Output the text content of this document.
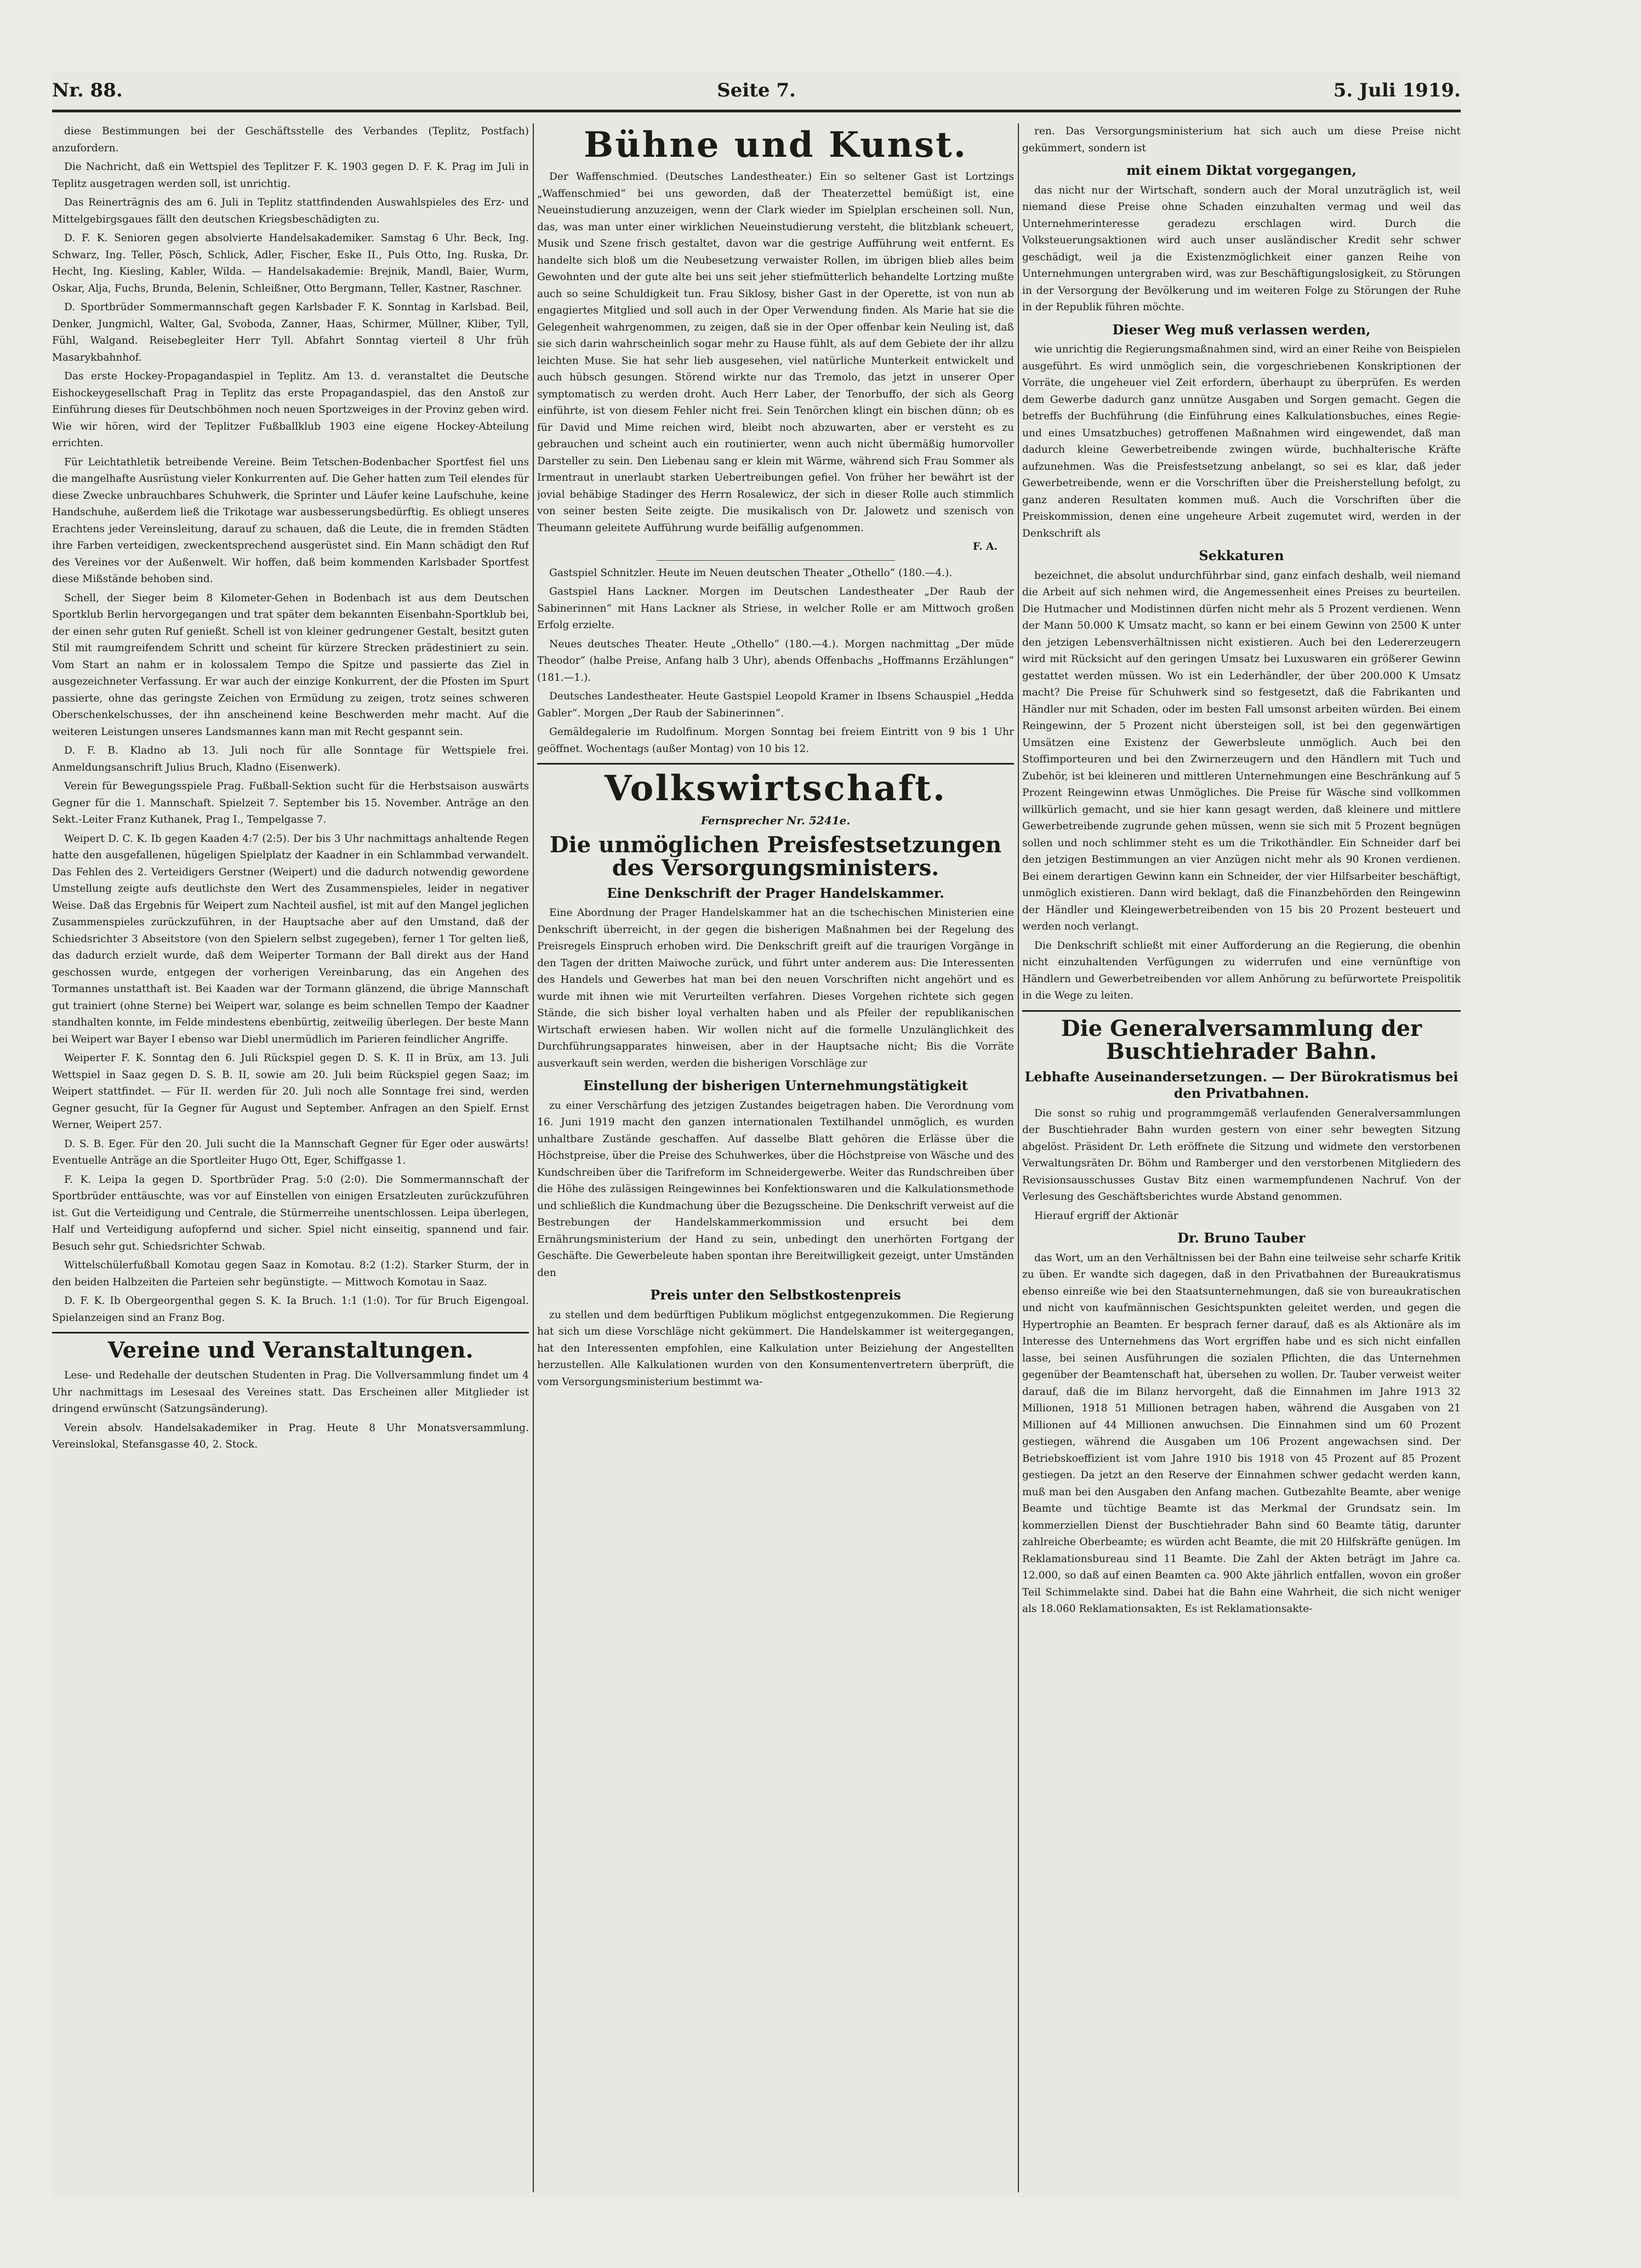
Nr. 88.	Seite 7.	5. Juli 1919.

diese Bestimmungen bei der Geschäftsstelle des Verbandes (Teplitz, Postfach) anzufordern.

Die Nachricht, daß ein Wettspiel des Teplitzer F. K. 1903 gegen D. F. K. Prag im Juli in Teplitz ausgetragen werden soll, ist unrichtig.

Das Reinerträgnis des am 6. Juli in Teplitz stattfindenden Auswahlspieles des Erz- und Mittelgebirgsgaues fällt den deutschen Kriegsbeschädigten zu.

D. F. K. Senioren gegen absolvierte Handelsakademiker. Samstag 6 Uhr. Beck, Ing. Schwarz, Ing. Teller, Pösch, Schlick, Adler, Fischer, Eske II., Puls Otto, Ing. Ruska, Dr. Hecht, Ing. Kiesling, Kabler, Wilda. — Handelsakademie: Brejnik, Mandl, Baier, Wurm, Oskar, Alja, Fuchs, Brunda, Belenin, Schleißner, Otto Bergmann, Teller, Kastner, Raschner.

D. Sportbrüder Sommermannschaft gegen Karlsbader F. K. Sonntag in Karlsbad. Beil, Denker, Jungmichl, Walter, Gal, Svoboda, Zanner, Haas, Schirmer, Müllner, Kliber, Tyll, Fühl, Walgand. Reisebegleiter Herr Tyll. Abfahrt Sonntag vierteil 8 Uhr früh Masarykbahnhof.

Das erste Hockey-Propagandaspiel in Teplitz. Am 13. d. veranstaltet die Deutsche Eishockeygesellschaft Prag in Teplitz das erste Propagandaspiel, das den Anstoß zur Einführung dieses für Deutschböhmen noch neuen Sportzweiges in der Provinz geben wird. Wie wir hören, wird der Teplitzer Fußballklub 1903 eine eigene Hockey-Abteilung errichten.

Für Leichtathletik betreibende Vereine. Beim Tetschen-Bodenbacher Sportfest fiel uns die mangelhafte Ausrüstung vieler Konkurrenten auf. Die Geher hatten zum Teil elendes für diese Zwecke unbrauchbares Schuhwerk, die Sprinter und Läufer keine Laufschuhe, keine Handschuhe, außerdem ließ die Trikotage war ausbesserungsbedürftig. Es obliegt unseres Erachtens jeder Vereinsleitung, darauf zu schauen, daß die Leute, die in fremden Städten ihre Farben verteidigen, zweckentsprechend ausgerüstet sind. Ein Mann schädigt den Ruf des Vereines vor der Außenwelt. Wir hoffen, daß beim kommenden Karlsbader Sportfest diese Mißstände behoben sind.

Schell, der Sieger beim 8 Kilometer-Gehen in Bodenbach ist aus dem Deutschen Sportklub Berlin hervorgegangen und trat später dem bekannten Eisenbahn-Sportklub bei, der einen sehr guten Ruf genießt. Schell ist von kleiner gedrungener Gestalt, besitzt guten Stil mit raumgreifendem Schritt und scheint für kürzere Strecken prädestiniert zu sein. Vom Start an nahm er in kolossalem Tempo die Spitze und passierte das Ziel in ausgezeichneter Verfassung. Er war auch der einzige Konkurrent, der die Pfosten im Spurt passierte, ohne das geringste Zeichen von Ermüdung zu zeigen, trotz seines schweren Oberschenkelschusses, der ihn anscheinend keine Beschwerden mehr macht. Auf die weiteren Leistungen unseres Landsmannes kann man mit Recht gespannt sein.

D. F. B. Kladno ab 13. Juli noch für alle Sonntage für Wettspiele frei. Anmeldungsanschrift Julius Bruch, Kladno (Eisenwerk).

Verein für Bewegungsspiele Prag. Fußball-Sektion sucht für die Herbstsaison auswärts Gegner für die 1. Mannschaft. Spielzeit 7. September bis 15. November. Anträge an den Sekt.-Leiter Franz Kuthanek, Prag I., Tempelgasse 7.

Weipert D. C. K. Ib gegen Kaaden 4:7 (2:5). Der bis 3 Uhr nachmittags anhaltende Regen hatte den ausgefallenen, hügeligen Spielplatz der Kaadner in ein Schlammbad verwandelt. Das Fehlen des 2. Verteidigers Gerstner (Weipert) und die dadurch notwendig gewordene Umstellung zeigte aufs deutlichste den Wert des Zusammenspieles, leider in negativer Weise. Daß das Ergebnis für Weipert zum Nachteil ausfiel, ist mit auf den Mangel jeglichen Zusammenspieles zurückzuführen, in der Hauptsache aber auf den Umstand, daß der Schiedsrichter 3 Abseitstore (von den Spielern selbst zugegeben), ferner 1 Tor gelten ließ, das dadurch erzielt wurde, daß dem Weiperter Tormann der Ball direkt aus der Hand geschossen wurde, entgegen der vorherigen Vereinbarung, das ein Angehen des Tormannes unstatthaft ist. Bei Kaaden war der Tormann glänzend, die übrige Mannschaft gut trainiert (ohne Sterne) bei Weipert war, solange es beim schnellen Tempo der Kaadner standhalten konnte, im Felde mindestens ebenbürtig, zeitweilig überlegen. Der beste Mann bei Weipert war Bayer I ebenso war Diebl unermüdlich im Parieren feindlicher Angriffe.

Weiperter F. K. Sonntag den 6. Juli Rückspiel gegen D. S. K. II in Brüx, am 13. Juli Wettspiel in Saaz gegen D. S. B. II, sowie am 20. Juli beim Rückspiel gegen Saaz; im Weipert stattfindet. — Für II. werden für 20. Juli noch alle Sonntage frei sind, werden Gegner gesucht, für Ia Gegner für August und September. Anfragen an den Spielf. Ernst Werner, Weipert 257.

D. S. B. Eger. Für den 20. Juli sucht die Ia Mannschaft Gegner für Eger oder auswärts! Eventuelle Anträge an die Sportleiter Hugo Ott, Eger, Schiffgasse 1.

F. K. Leipa Ia gegen D. Sportbrüder Prag. 5:0 (2:0). Die Sommermannschaft der Sportbrüder enttäuschte, was vor auf Einstellen von einigen Ersatzleuten zurückzuführen ist. Gut die Verteidigung und Centrale, die Stürmerreihe unentschlossen. Leipa überlegen, Half und Verteidigung aufopfernd und sicher. Spiel nicht einseitig, spannend und fair. Besuch sehr gut. Schiedsrichter Schwab.

Wittelschülerfußball Komotau gegen Saaz in Komotau. 8:2 (1:2). Starker Sturm, der in den beiden Halbzeiten die Parteien sehr begünstigte. — Mittwoch Komotau in Saaz.

D. F. K. Ib Obergeorgenthal gegen S. K. Ia Bruch. 1:1 (1:0). Tor für Bruch Eigengoal. Spielanzeigen sind an Franz Bog.

Vereine und Veranstaltungen.

Lese- und Redehalle der deutschen Studenten in Prag. Die Vollversammlung findet um 4 Uhr nachmittags im Lesesaal des Vereines statt. Das Erscheinen aller Mitglieder ist dringend erwünscht (Satzungsänderung).

Verein absolv. Handelsakademiker in Prag. Heute 8 Uhr Monatsversammlung. Vereinslokal, Stefansgasse 40, 2. Stock.

Bühne und Kunst.

Der Waffenschmied. (Deutsches Landestheater.) Ein so seltener Gast ist Lortzings „Waffenschmied“ bei uns geworden, daß der Theaterzettel bemüßigt ist, eine Neueinstudierung anzuzeigen, wenn der Clark wieder im Spielplan erscheinen soll. Nun, das, was man unter einer wirklichen Neueinstudierung versteht, die blitzblank scheuert, Musik und Szene frisch gestaltet, davon war die gestrige Aufführung weit entfernt. Es handelte sich bloß um die Neubesetzung verwaister Rollen, im übrigen blieb alles beim Gewohnten und der gute alte bei uns seit jeher stiefmütterlich behandelte Lortzing mußte auch so seine Schuldigkeit tun. Frau Siklosy, bisher Gast in der Operette, ist von nun ab engagiertes Mitglied und soll auch in der Oper Verwendung finden. Als Marie hat sie die Gelegenheit wahrgenommen, zu zeigen, daß sie in der Oper offenbar kein Neuling ist, daß sie sich darin wahrscheinlich sogar mehr zu Hause fühlt, als auf dem Gebiete der ihr allzu leichten Muse. Sie hat sehr lieb ausgesehen, viel natürliche Munterkeit entwickelt und auch hübsch gesungen. Störend wirkte nur das Tremolo, das jetzt in unserer Oper symptomatisch zu werden droht. Auch Herr Laber, der Tenorbuffo, der sich als Georg einführte, ist von diesem Fehler nicht frei. Sein Tenörchen klingt ein bischen dünn; ob es für David und Mime reichen wird, bleibt noch abzuwarten, aber er versteht es zu gebrauchen und scheint auch ein routinierter, wenn auch nicht übermäßig humorvoller Darsteller zu sein. Den Liebenau sang er klein mit Wärme, während sich Frau Sommer als Irmentraut in unerlaubt starken Uebertreibungen gefiel. Von früher her bewährt ist der jovial behäbige Stadinger des Herrn Rosalewicz, der sich in dieser Rolle auch stimmlich von seiner besten Seite zeigte. Die musikalisch von Dr. Jalowetz und szenisch von Theumann geleitete Aufführung wurde beifällig aufgenommen.

F. A.

Gastspiel Schnitzler. Heute im Neuen deutschen Theater „Othello“ (180.—4.).

Gastspiel Hans Lackner. Morgen im Deutschen Landestheater „Der Raub der Sabinerinnen“ mit Hans Lackner als Striese, in welcher Rolle er am Mittwoch großen Erfolg erzielte.

Neues deutsches Theater. Heute „Othello“ (180.—4.). Morgen nachmittag „Der müde Theodor“ (halbe Preise, Anfang halb 3 Uhr), abends Offenbachs „Hoffmanns Erzählungen“ (181.—1.).

Deutsches Landestheater. Heute Gastspiel Leopold Kramer in Ibsens Schauspiel „Hedda Gabler“. Morgen „Der Raub der Sabinerinnen“.

Gemäldegalerie im Rudolfinum. Morgen Sonntag bei freiem Eintritt von 9 bis 1 Uhr geöffnet. Wochentags (außer Montag) von 10 bis 12.

Volkswirtschaft.
Fernsprecher Nr. 5241e.
Die unmöglichen Preisfestsetzungen des Versorgungsministers.
Eine Denkschrift der Prager Handelskammer.

Eine Abordnung der Prager Handelskammer hat an die tschechischen Ministerien eine Denkschrift überreicht, in der gegen die bisherigen Maßnahmen bei der Regelung des Preisregels Einspruch erhoben wird. Die Denkschrift greift auf die traurigen Vorgänge in den Tagen der dritten Maiwoche zurück, und führt unter anderem aus: Die Interessenten des Handels und Gewerbes hat man bei den neuen Vorschriften nicht angehört und es wurde mit ihnen wie mit Verurteilten verfahren. Dieses Vorgehen richtete sich gegen Stände, die sich bisher loyal verhalten haben und als Pfeiler der republikanischen Wirtschaft erwiesen haben. Wir wollen nicht auf die formelle Unzulänglichkeit des Durchführungsapparates hinweisen, aber in der Hauptsache nicht; Bis die Vorräte ausverkauft sein werden, werden die bisherigen Vorschläge zur

Einstellung der bisherigen Unternehmungstätigkeit

zu einer Verschärfung des jetzigen Zustandes beigetragen haben. Die Verordnung vom 16. Juni 1919 macht den ganzen internationalen Textilhandel unmöglich, es wurden unhaltbare Zustände geschaffen. Auf dasselbe Blatt gehören die Erlässe über die Höchstpreise, über die Preise des Schuhwerkes, über die Höchstpreise von Wäsche und des Kundschreiben über die Tarifreform im Schneidergewerbe. Weiter das Rundschreiben über die Höhe des zulässigen Reingewinnes bei Konfektionswaren und die Kalkulationsmethode und schließlich die Kundmachung über die Bezugsscheine. Die Denkschrift verweist auf die Bestrebungen der Handelskammerkommission und ersucht bei dem Ernährungsministerium der Hand zu sein, unbedingt den unerhörten Fortgang der Geschäfte. Die Gewerbeleute haben spontan ihre Bereitwilligkeit gezeigt, unter Umständen den

Preis unter den Selbstkostenpreis

zu stellen und dem bedürftigen Publikum möglichst entgegenzukommen. Die Regierung hat sich um diese Vorschläge nicht gekümmert. Die Handelskammer ist weitergegangen, hat den Interessenten empfohlen, eine Kalkulation unter Beiziehung der Angestellten herzustellen. Alle Kalkulationen wurden von den Konsumentenvertretern überprüft, die vom Versorgungsministerium bestimmt wa-

ren. Das Versorgungsministerium hat sich auch um diese Preise nicht gekümmert, sondern ist

mit einem Diktat vorgegangen,

das nicht nur der Wirtschaft, sondern auch der Moral unzuträglich ist, weil niemand diese Preise ohne Schaden einzuhalten vermag und weil das Unternehmerinteresse geradezu erschlagen wird. Durch die Volksteuerungsaktionen wird auch unser ausländischer Kredit sehr schwer geschädigt, weil ja die Existenzmöglichkeit einer ganzen Reihe von Unternehmungen untergraben wird, was zur Beschäftigungslosigkeit, zu Störungen in der Versorgung der Bevölkerung und im weiteren Folge zu Störungen der Ruhe in der Republik führen möchte.

Dieser Weg muß verlassen werden,

wie unrichtig die Regierungsmaßnahmen sind, wird an einer Reihe von Beispielen ausgeführt. Es wird unmöglich sein, die vorgeschriebenen Konskriptionen der Vorräte, die ungeheuer viel Zeit erfordern, überhaupt zu überprüfen. Es werden dem Gewerbe dadurch ganz unnütze Ausgaben und Sorgen gemacht. Gegen die betreffs der Buchführung (die Einführung eines Kalkulationsbuches, eines Regie- und eines Umsatzbuches) getroffenen Maßnahmen wird eingewendet, daß man dadurch kleine Gewerbetreibende zwingen würde, buchhalterische Kräfte aufzunehmen. Was die Preisfestsetzung anbelangt, so sei es klar, daß jeder Gewerbetreibende, wenn er die Vorschriften über die Preisherstellung befolgt, zu ganz anderen Resultaten kommen muß. Auch die Vorschriften über die Preiskommission, denen eine ungeheure Arbeit zugemutet wird, werden in der Denkschrift als

Sekkaturen

bezeichnet, die absolut undurchführbar sind, ganz einfach deshalb, weil niemand die Arbeit auf sich nehmen wird, die Angemessenheit eines Preises zu beurteilen. Die Hutmacher und Modistinnen dürfen nicht mehr als 5 Prozent verdienen. Wenn der Mann 50.000 K Umsatz macht, so kann er bei einem Gewinn von 2500 K unter den jetzigen Lebensverhältnissen nicht existieren. Auch bei den Ledererzeugern wird mit Rücksicht auf den geringen Umsatz bei Luxuswaren ein größerer Gewinn gestattet werden müssen. Wo ist ein Lederhändler, der über 200.000 K Umsatz macht? Die Preise für Schuhwerk sind so festgesetzt, daß die Fabrikanten und Händler nur mit Schaden, oder im besten Fall umsonst arbeiten würden. Bei einem Reingewinn, der 5 Prozent nicht übersteigen soll, ist bei den gegenwärtigen Umsätzen eine Existenz der Gewerbsleute unmöglich. Auch bei den Stoffimporteuren und bei den Zwirnerzeugern und den Händlern mit Tuch und Zubehör, ist bei kleineren und mittleren Unternehmungen eine Beschränkung auf 5 Prozent Reingewinn etwas Unmögliches. Die Preise für Wäsche sind vollkommen willkürlich gemacht, und sie hier kann gesagt werden, daß kleinere und mittlere Gewerbetreibende zugrunde gehen müssen, wenn sie sich mit 5 Prozent begnügen sollen und noch schlimmer steht es um die Trikothändler. Ein Schneider darf bei den jetzigen Bestimmungen an vier Anzügen nicht mehr als 90 Kronen verdienen. Bei einem derartigen Gewinn kann ein Schneider, der vier Hilfsarbeiter beschäftigt, unmöglich existieren. Dann wird beklagt, daß die Finanzbehörden den Reingewinn der Händler und Kleingewerbetreibenden von 15 bis 20 Prozent besteuert und werden noch verlangt.

Die Denkschrift schließt mit einer Aufforderung an die Regierung, die obenhin nicht einzuhaltenden Verfügungen zu widerrufen und eine vernünftige von Händlern und Gewerbetreibenden vor allem Anhörung zu befürwortete Preispolitik in die Wege zu leiten.

Die Generalversammlung der Buschtiehrader Bahn.
Lebhafte Auseinandersetzungen. — Der Bürokratismus bei den Privatbahnen.

Die sonst so ruhig und programmgemäß verlaufenden Generalversammlungen der Buschtiehrader Bahn wurden gestern von einer sehr bewegten Sitzung abgelöst. Präsident Dr. Leth eröffnete die Sitzung und widmete den verstorbenen Verwaltungsräten Dr. Böhm und Ramberger und den verstorbenen Mitgliedern des Revisionsausschusses Gustav Bitz einen warmempfundenen Nachruf. Von der Verlesung des Geschäftsberichtes wurde Abstand genommen.

Hierauf ergriff der Aktionär

Dr. Bruno Tauber

das Wort, um an den Verhältnissen bei der Bahn eine teilweise sehr scharfe Kritik zu üben. Er wandte sich dagegen, daß in den Privatbahnen der Bureaukratismus ebenso einreiße wie bei den Staatsunternehmungen, daß sie von bureaukratischen und nicht von kaufmännischen Gesichtspunkten geleitet werden, und gegen die Hypertrophie an Beamten. Er besprach ferner darauf, daß es als Aktionäre als im Interesse des Unternehmens das Wort ergriffen habe und es sich nicht einfallen lasse, bei seinen Ausführungen die sozialen Pflichten, die das Unternehmen gegenüber der Beamtenschaft hat, übersehen zu wollen. Dr. Tauber verweist weiter darauf, daß die im Bilanz hervorgeht, daß die Einnahmen im Jahre 1913 32 Millionen, 1918 51 Millionen betragen haben, während die Ausgaben von 21 Millionen auf 44 Millionen anwuchsen. Die Einnahmen sind um 60 Prozent gestiegen, während die Ausgaben um 106 Prozent angewachsen sind. Der Betriebskoeffizient ist vom Jahre 1910 bis 1918 von 45 Prozent auf 85 Prozent gestiegen. Da jetzt an den Reserve der Einnahmen schwer gedacht werden kann, muß man bei den Ausgaben den Anfang machen. Gutbezahlte Beamte, aber wenige Beamte und tüchtige Beamte ist das Merkmal der Grundsatz sein. Im kommerziellen Dienst der Buschtiehrader Bahn sind 60 Beamte tätig, darunter zahlreiche Oberbeamte; es würden acht Beamte, die mit 20 Hilfskräfte genügen. Im Reklamationsbureau sind 11 Beamte. Die Zahl der Akten beträgt im Jahre ca. 12.000, so daß auf einen Beamten ca. 900 Akte jährlich entfallen, wovon ein großer Teil Schimmelakte sind. Dabei hat die Bahn eine Wahrheit, die sich nicht weniger als 18.060 Reklamationsakten, Es ist Reklamationsakte-
